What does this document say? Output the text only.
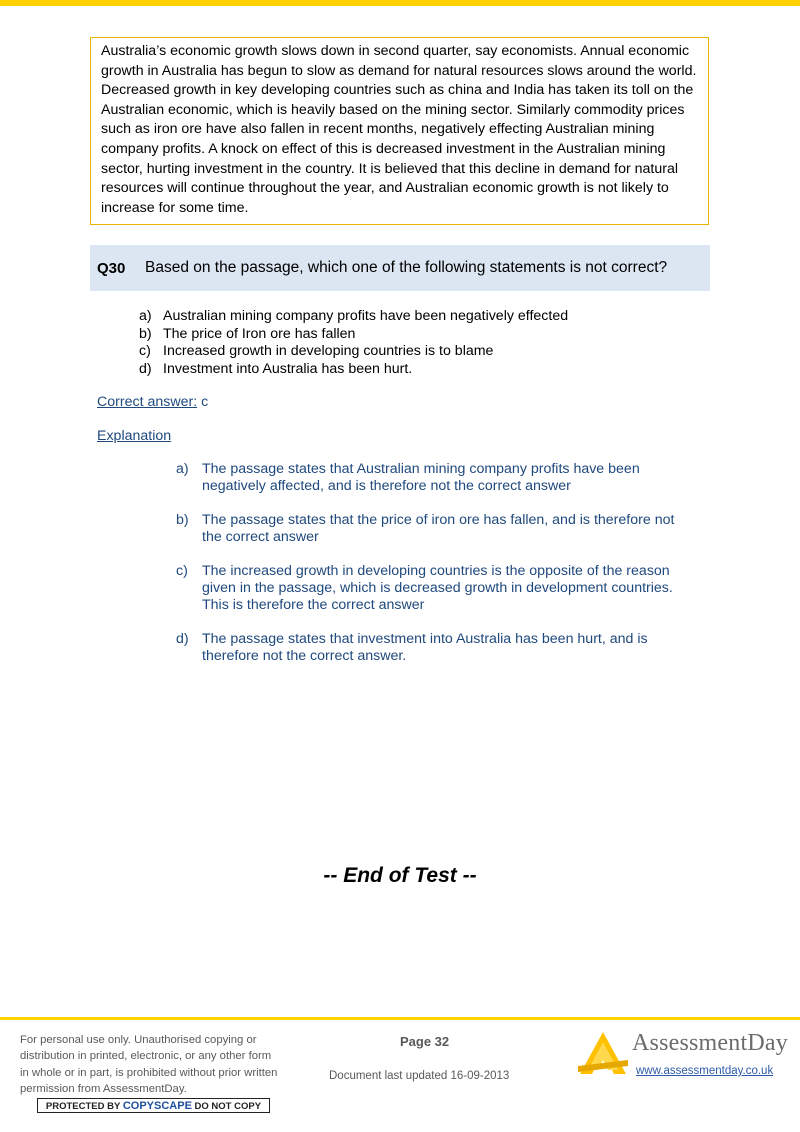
Australia’s economic growth slows down in second quarter, say economists. Annual economic growth in Australia has begun to slow as demand for natural resources slows around the world. Decreased growth in key developing countries such as china and India has taken its toll on the Australian economic, which is heavily based on the mining sector. Similarly commodity prices such as iron ore have also fallen in recent months, negatively effecting Australian mining company profits. A knock on effect of this is decreased investment in the Australian mining sector, hurting investment in the country. It is believed that this decline in demand for natural resources will continue throughout the year, and Australian economic growth is not likely to increase for some time.

Q30 Based on the passage, which one of the following statements is not correct?
a) Australian mining company profits have been negatively effected
b) The price of Iron ore has fallen
c) Increased growth in developing countries is to blame
d) Investment into Australia has been hurt.
Correct answer: c
Explanation
a) The passage states that Australian mining company profits have been negatively affected, and is therefore not the correct answer
b) The passage states that the price of iron ore has fallen, and is therefore not the correct answer
c) The increased growth in developing countries is the opposite of the reason given in the passage, which is decreased growth in development countries. This is therefore the correct answer
d) The passage states that investment into Australia has been hurt, and is therefore not the correct answer.
-- End of Test --
For personal use only. Unauthorised copying or distribution in printed, electronic, or any other form in whole or in part, is prohibited without prior written permission from AssessmentDay.
PROTECTED BY COPYSCAPE DO NOT COPY
Page 32
Document last updated 16-09-2013
AssessmentDay
www.assessmentday.co.uk
